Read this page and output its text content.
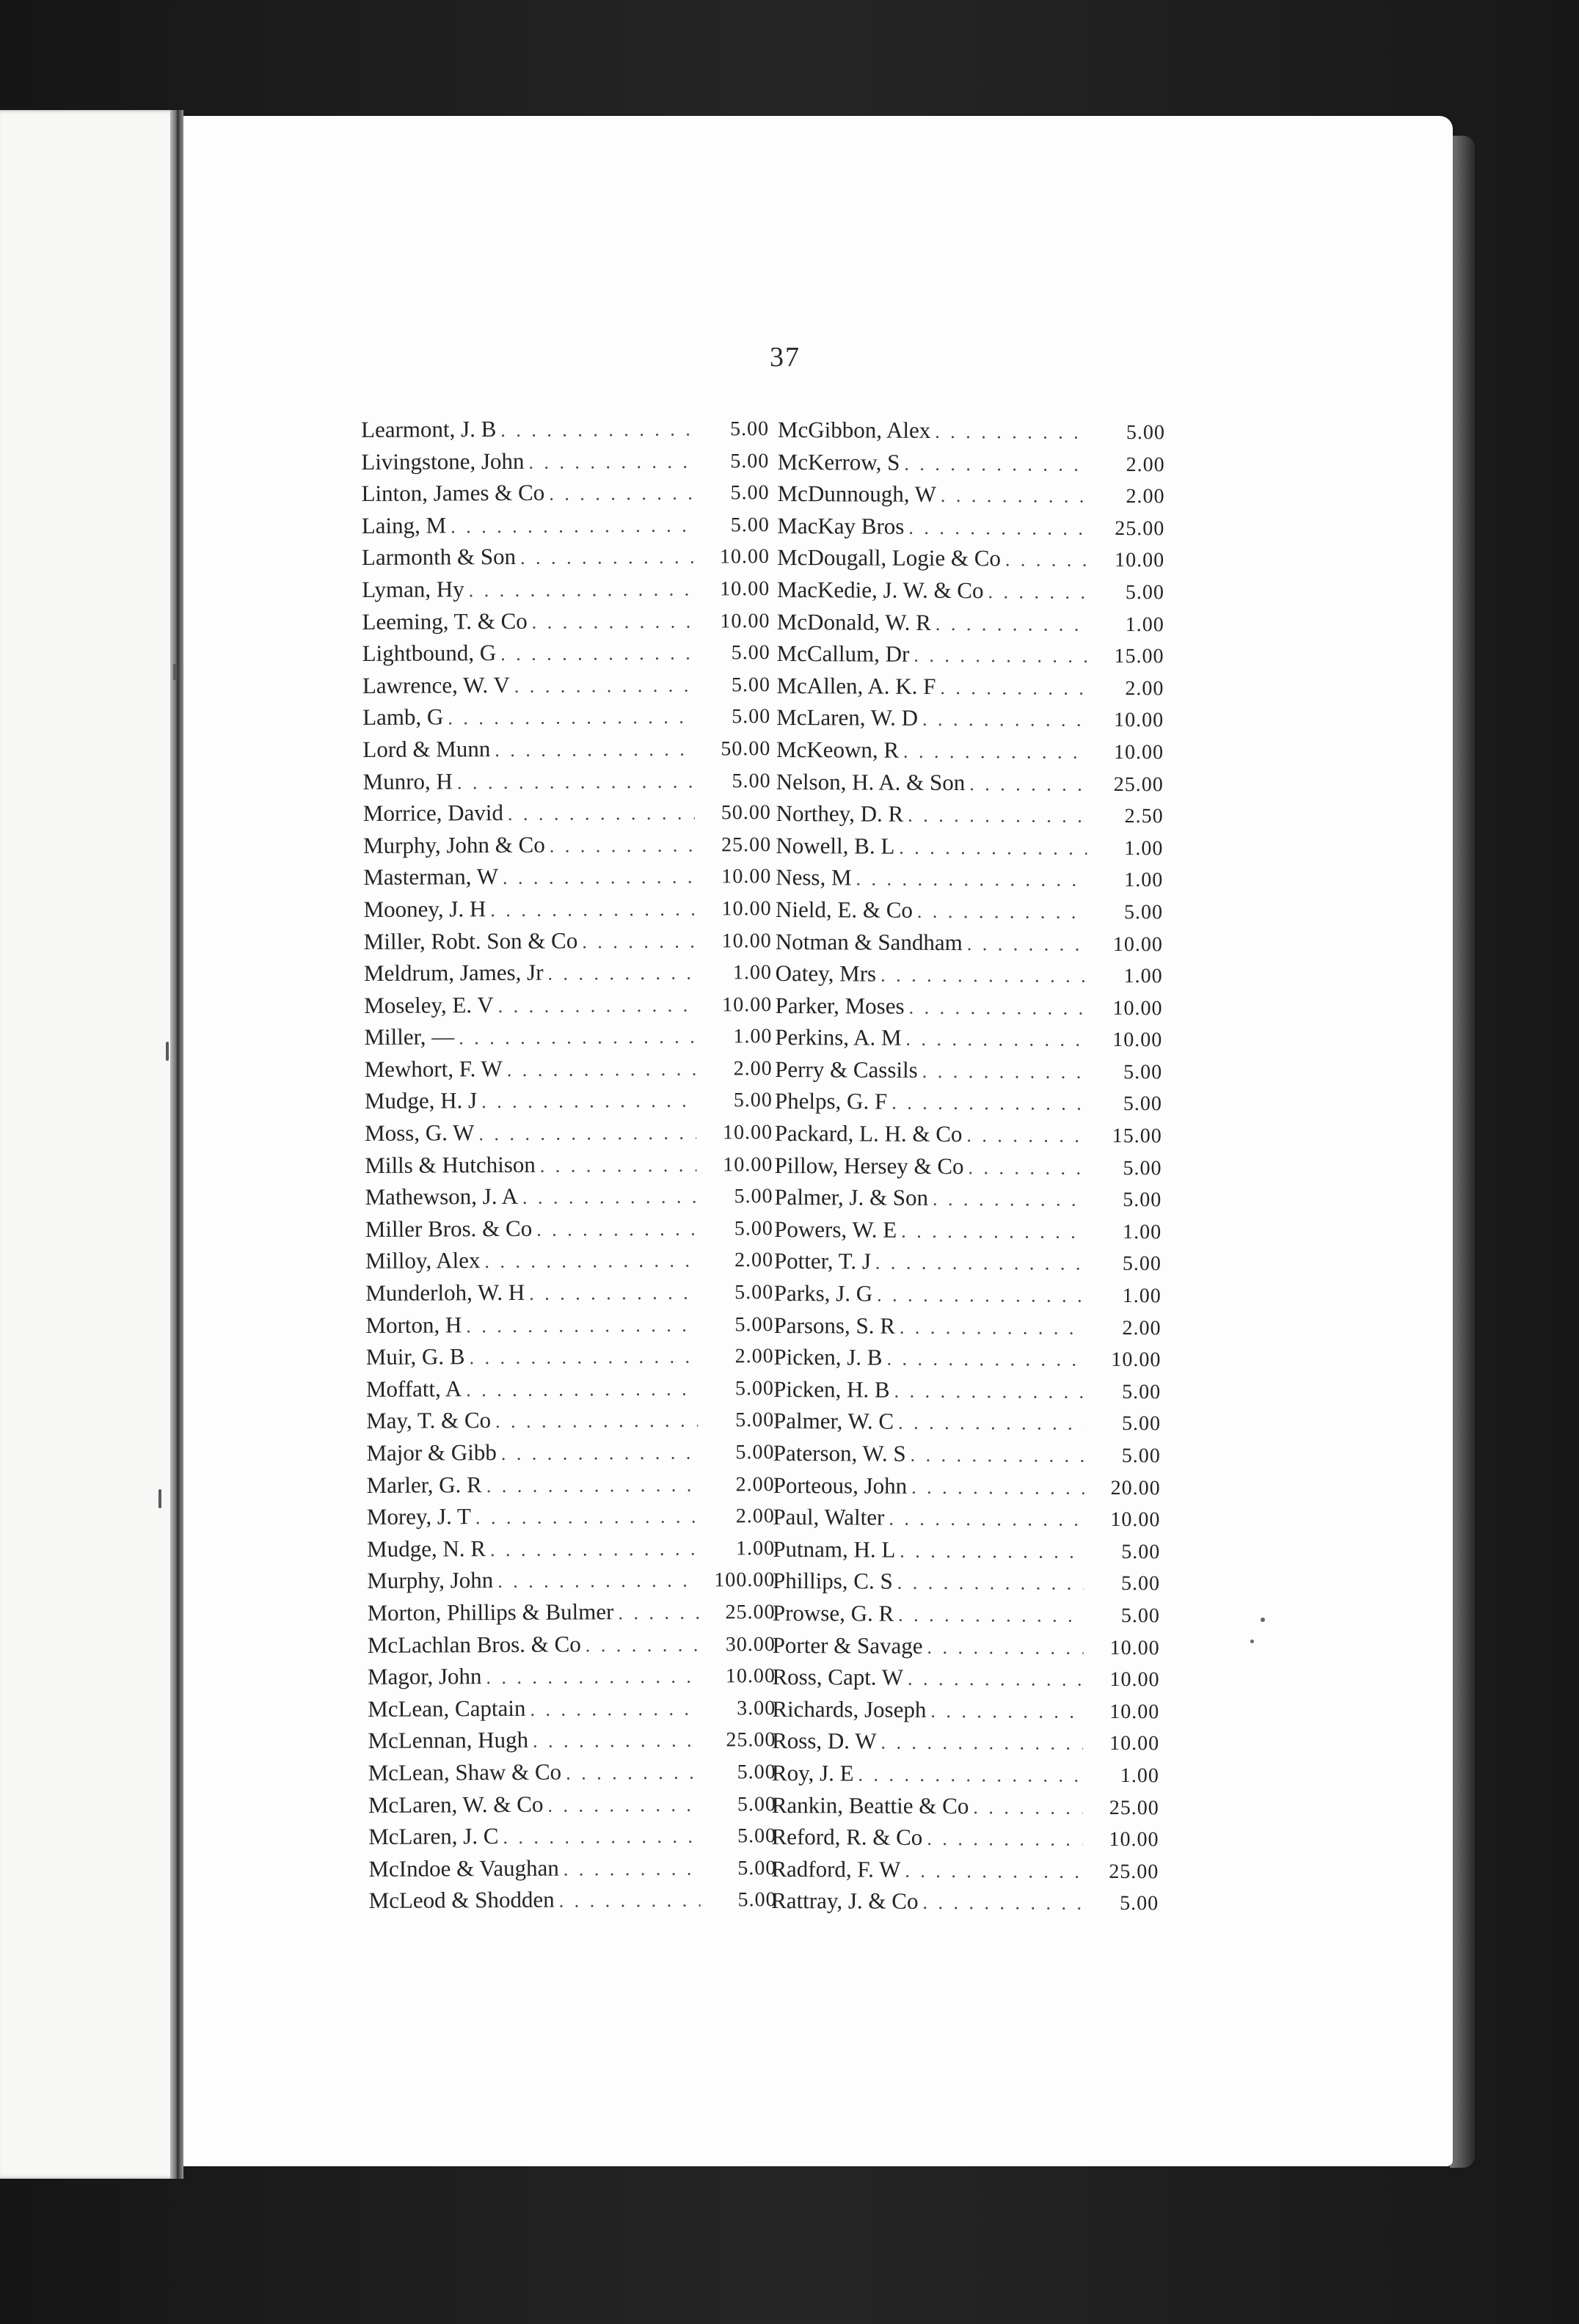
37
Learmont, J. B . . .	5.00
Livingstone, John . . .	5.00
Linton, James & Co . . .	5.00
Laing, M . . .	5.00
Larmonth & Son . . .	10.00
Lyman, Hy . . .	10.00
Leeming, T. & Co . . .	10.00
Lightbound, G . . .	5.00
Lawrence, W. V . . .	5.00
Lamb, G . . .	5.00
Lord & Munn . . .	50.00
Munro, H . . .	5.00
Morrice, David . . .	50.00
Murphy, John & Co . . .	25.00
Masterman, W . . .	10.00
Mooney, J. H . . .	10.00
Miller, Robt. Son & Co . . .	10.00
Meldrum, James, Jr . . .	1.00
Moseley, E. V . . .	10.00
Miller, — . . .	1.00
Mewhort, F. W . . .	2.00
Mudge, H. J . . .	5.00
Moss, G. W . . .	10.00
Mills & Hutchison . . .	10.00
Mathewson, J. A . . .	5.00
Miller Bros. & Co . . .	5.00
Milloy, Alex . . .	2.00
Munderloh, W. H . . .	5.00
Morton, H . . .	5.00
Muir, G. B . . .	2.00
Moffatt, A . . .	5.00
May, T. & Co . . .	5.00
Major & Gibb . . .	5.00
Marler, G. R . . .	2.00
Morey, J. T . . .	2.00
Mudge, N. R . . .	1.00
Murphy, John . . .	100.00
Morton, Phillips & Bulmer . . .	25.00
McLachlan Bros. & Co . . .	30.00
Magor, John . . .	10.00
McLean, Captain . . .	3.00
McLennan, Hugh . . .	25.00
McLean, Shaw & Co . . .	5.00
McLaren, W. & Co . . .	5.00
McLaren, J. C . . .	5.00
McIndoe & Vaughan . . .	5.00
McLeod & Shodden . . .	5.00
McGibbon, Alex . . .	5.00
McKerrow, S . . .	2.00
McDunnough, W . . .	2.00
MacKay Bros . . .	25.00
McDougall, Logie & Co . . .	10.00
MacKedie, J. W. & Co . . .	5.00
McDonald, W. R . . .	1.00
McCallum, Dr . . .	15.00
McAllen, A. K. F . . .	2.00
McLaren, W. D . . .	10.00
McKeown, R . . .	10.00
Nelson, H. A. & Son . . .	25.00
Northey, D. R . . .	2.50
Nowell, B. L . . .	1.00
Ness, M . . .	1.00
Nield, E. & Co . . .	5.00
Notman & Sandham . . .	10.00
Oatey, Mrs . . .	1.00
Parker, Moses . . .	10.00
Perkins, A. M . . .	10.00
Perry & Cassils . . .	5.00
Phelps, G. F . . .	5.00
Packard, L. H. & Co . . .	15.00
Pillow, Hersey & Co . . .	5.00
Palmer, J. & Son . . .	5.00
Powers, W. E . . .	1.00
Potter, T. J . . .	5.00
Parks, J. G . . .	1.00
Parsons, S. R . . .	2.00
Picken, J. B . . .	10.00
Picken, H. B . . .	5.00
Palmer, W. C . . .	5.00
Paterson, W. S . . .	5.00
Porteous, John . . .	20.00
Paul, Walter . . .	10.00
Putnam, H. L . . .	5.00
Phillips, C. S . . .	5.00
Prowse, G. R . . .	5.00
Porter & Savage . . .	10.00
Ross, Capt. W . . .	10.00
Richards, Joseph . . .	10.00
Ross, D. W . . .	10.00
Roy, J. E . . .	1.00
Rankin, Beattie & Co . . .	25.00
Reford, R. & Co . . .	10.00
Radford, F. W . . .	25.00
Rattray, J. & Co . . .	5.00
